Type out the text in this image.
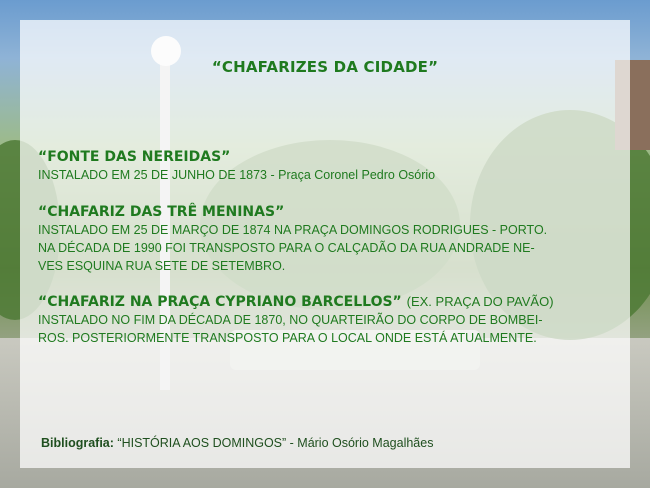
“CHAFARIZES DA CIDADE”
“FONTE DAS NEREIDAS”
INSTALADO EM 25 DE JUNHO DE 1873 - Praça Coronel Pedro Osório
“CHAFARIZ DAS TRÊ MENINAS”
INSTALADO EM 25 DE MARÇO DE 1874 NA PRAÇA DOMINGOS RODRIGUES - PORTO.
NA DÉCADA DE 1990 FOI TRANSPOSTO PARA O CALÇADÃO DA RUA ANDRADE NE-
VES ESQUINA RUA SETE DE SETEMBRO.
“CHAFARIZ NA PRAÇA CYPRIANO BARCELLOS” (EX. PRAÇA DO PAVÃO)
INSTALADO NO FIM DA DÉCADA DE 1870, NO QUARTEIRÃO DO CORPO DE BOMBEI-
ROS. POSTERIORMENTE TRANSPOSTO PARA O LOCAL ONDE ESTÁ ATUALMENTE.
Bibliografia: “HISTÓRIA AOS DOMINGOS” - Mário Osório Magalhães
